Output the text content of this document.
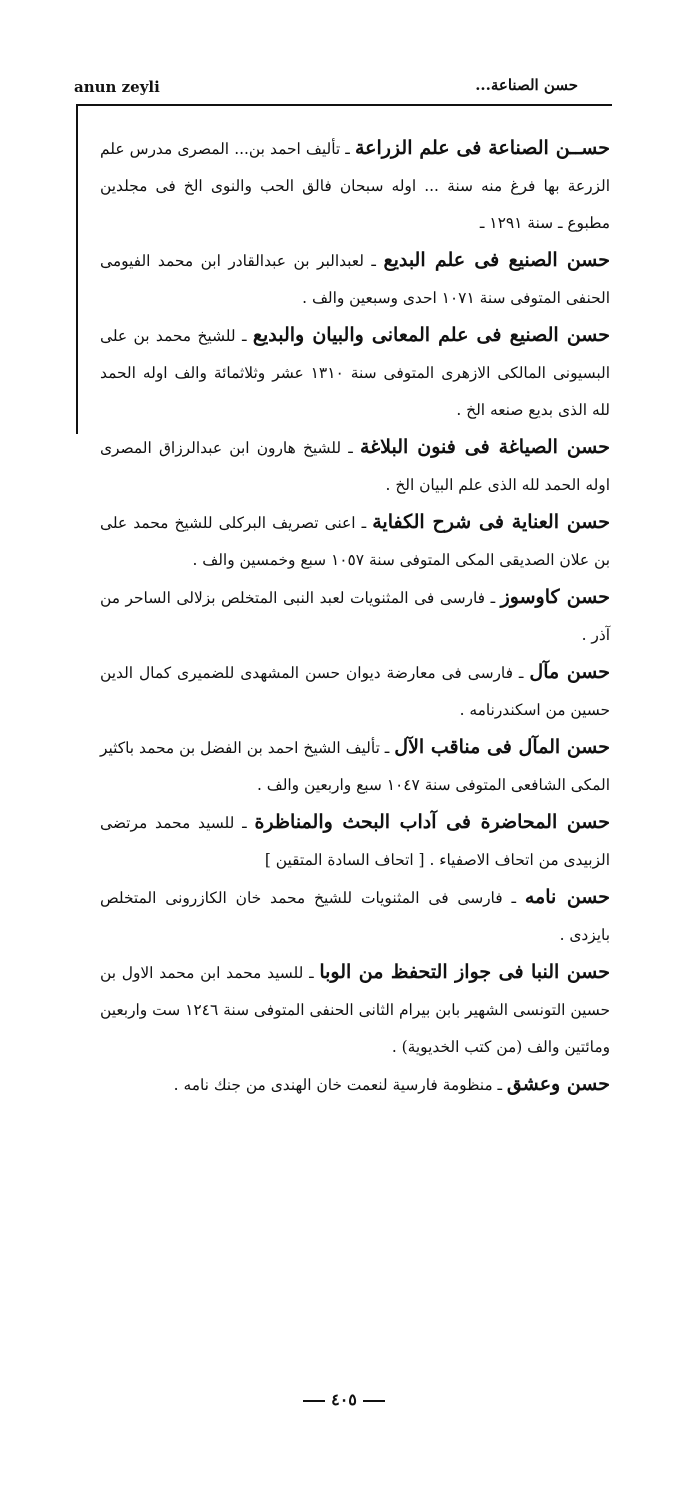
anun zeyli	حسن الصناعة...

حســن الصناعة فى علم الزراعة ـ تأليف احمد بن... المصرى مدرس علم الزرعة بها فرغ منه سنة ... اوله سبحان فالق الحب والنوى الخ فى مجلدين مطبوع ـ سنة ١٢٩١ ـ

حسن الصنيع فى علم البديع ـ لعبدالبر بن عبدالقادر ابن محمد الفيومى الحنفى المتوفى سنة ١٠٧١ احدى وسبعين والف .

حسن الصنيع فى علم المعانى والبيان والبديع ـ للشيخ محمد بن على البسيونى المالكى الازهرى المتوفى سنة ١٣١٠ عشر وثلاثمائة والف اوله الحمد لله الذى بديع صنعه الخ .

حسن الصياغة فى فنون البلاغة ـ للشيخ هارون ابن عبدالرزاق المصرى اوله الحمد لله الذى علم البيان الخ .

حسن العناية فى شرح الكفاية ـ اعنى تصريف البركلى للشيخ محمد على بن علان الصديقى المكى المتوفى سنة ١٠٥٧ سبع وخمسين والف .

حسن كاوسوز ـ فارسى فى المثنويات لعبد النبى المتخلص بزلالى الساحر من آذر .

حسن مآل ـ فارسى فى معارضة ديوان حسن المشهدى للضميرى كمال الدين حسين من اسكندرنامه .

حسن المآل فى مناقب الآل ـ تأليف الشيخ احمد بن الفضل بن محمد باكثير المكى الشافعى المتوفى سنة ١٠٤٧ سبع واربعين والف .

حسن المحاضرة فى آداب البحث والمناظرة ـ للسيد محمد مرتضى الزبيدى من اتحاف الاصفياء . [ اتحاف السادة المتقين ]

حسن نامه ـ فارسى فى المثنويات للشيخ محمد خان الكازرونى المتخلص بايزدى .

حسن النبا فى جواز التحفظ من الوبا ـ للسيد محمد ابن محمد الاول بن حسين التونسى الشهير بابن بيرام الثانى الحنفى المتوفى سنة ١٢٤٦ ست واربعين ومائتين والف (من كتب الخديوية) .

حسن وعشق ـ منظومة فارسية لنعمت خان الهندى من جنك نامه .

٤٠٥
